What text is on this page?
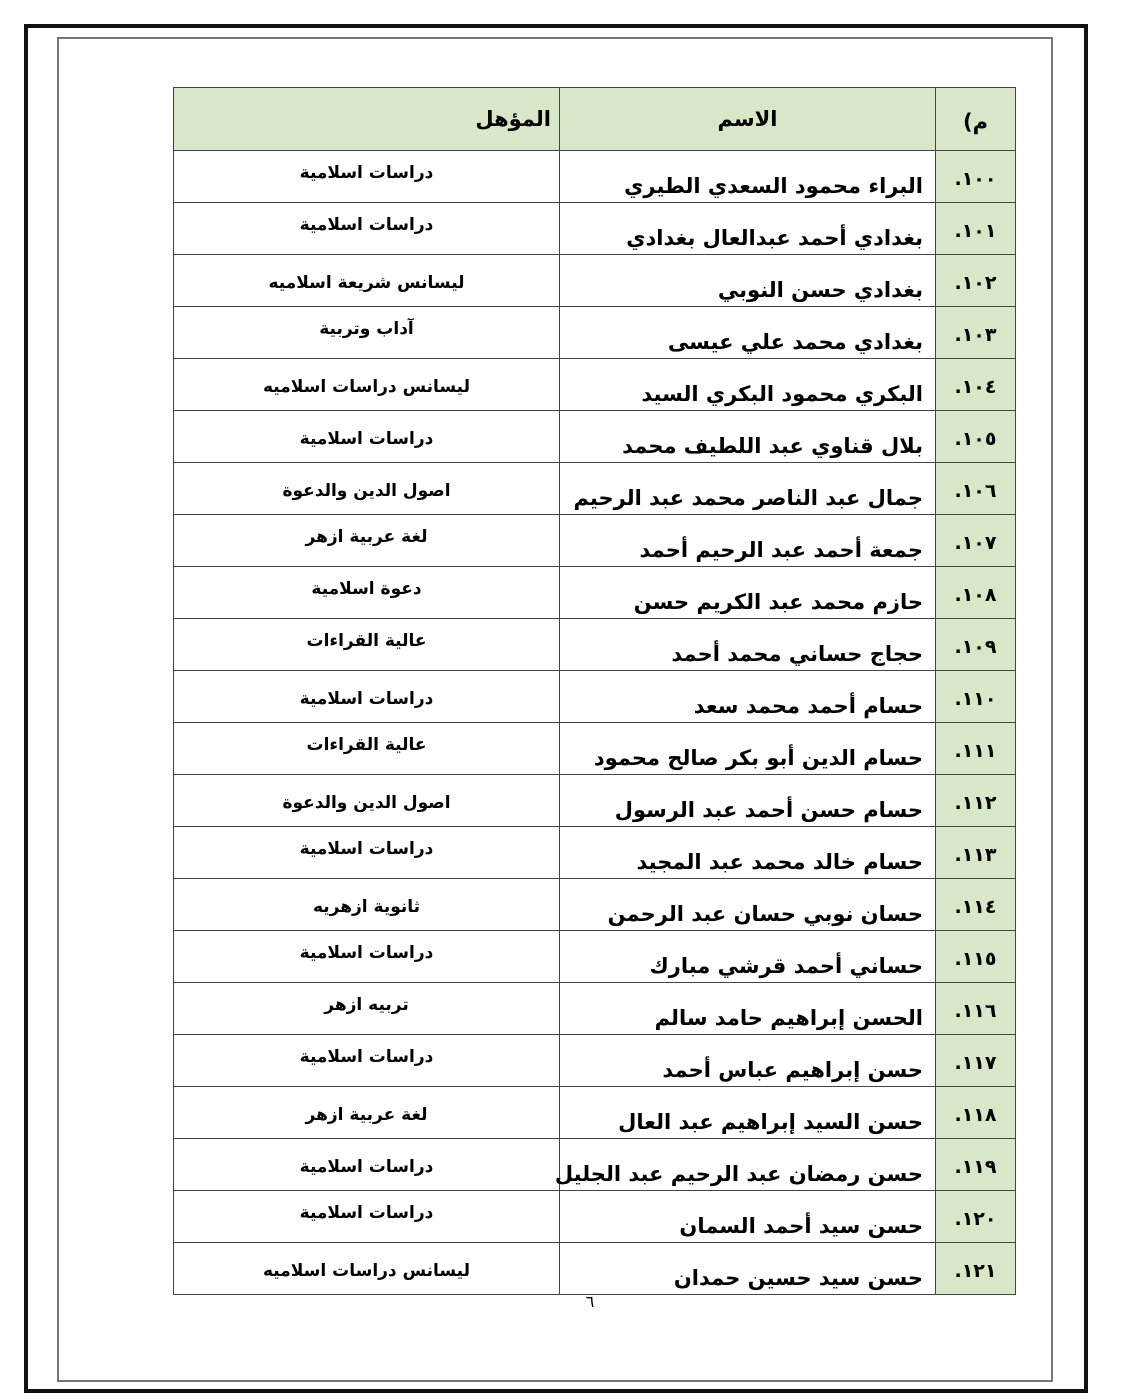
م)	الاسم	المؤهل
١٠٠.	البراء محمود السعدي الطيري	دراسات اسلامية
١٠١.	بغدادي أحمد عبدالعال بغدادي	دراسات اسلامية
١٠٢.	بغدادي حسن النوبي	ليسانس شريعة اسلاميه
١٠٣.	بغدادي محمد علي عيسى	آداب وتربية
١٠٤.	البكري محمود البكري السيد	ليسانس دراسات اسلاميه
١٠٥.	بلال قناوي عبد اللطيف محمد	دراسات اسلامية
١٠٦.	جمال عبد الناصر محمد عبد الرحيم	اصول الدين والدعوة
١٠٧.	جمعة أحمد عبد الرحيم أحمد	لغة عربية ازهر
١٠٨.	حازم محمد عبد الكريم حسن	دعوة اسلامية
١٠٩.	حجاج حساني محمد أحمد	عالية القراءات
١١٠.	حسام أحمد محمد سعد	دراسات اسلامية
١١١.	حسام الدين أبو بكر صالح محمود	عالية القراءات
١١٢.	حسام حسن أحمد عبد الرسول	اصول الدين والدعوة
١١٣.	حسام خالد محمد عبد المجيد	دراسات اسلامية
١١٤.	حسان نوبي حسان عبد الرحمن	ثانوية ازهريه
١١٥.	حساني أحمد قرشي مبارك	دراسات اسلامية
١١٦.	الحسن إبراهيم حامد سالم	تربيه ازهر
١١٧.	حسن إبراهيم عباس أحمد	دراسات اسلامية
١١٨.	حسن السيد إبراهيم عبد العال	لغة عربية ازهر
١١٩.	حسن رمضان عبد الرحيم عبد الجليل	دراسات اسلامية
١٢٠.	حسن سيد أحمد السمان	دراسات اسلامية
١٢١.	حسن سيد حسين حمدان	ليسانس دراسات اسلاميه
٦
